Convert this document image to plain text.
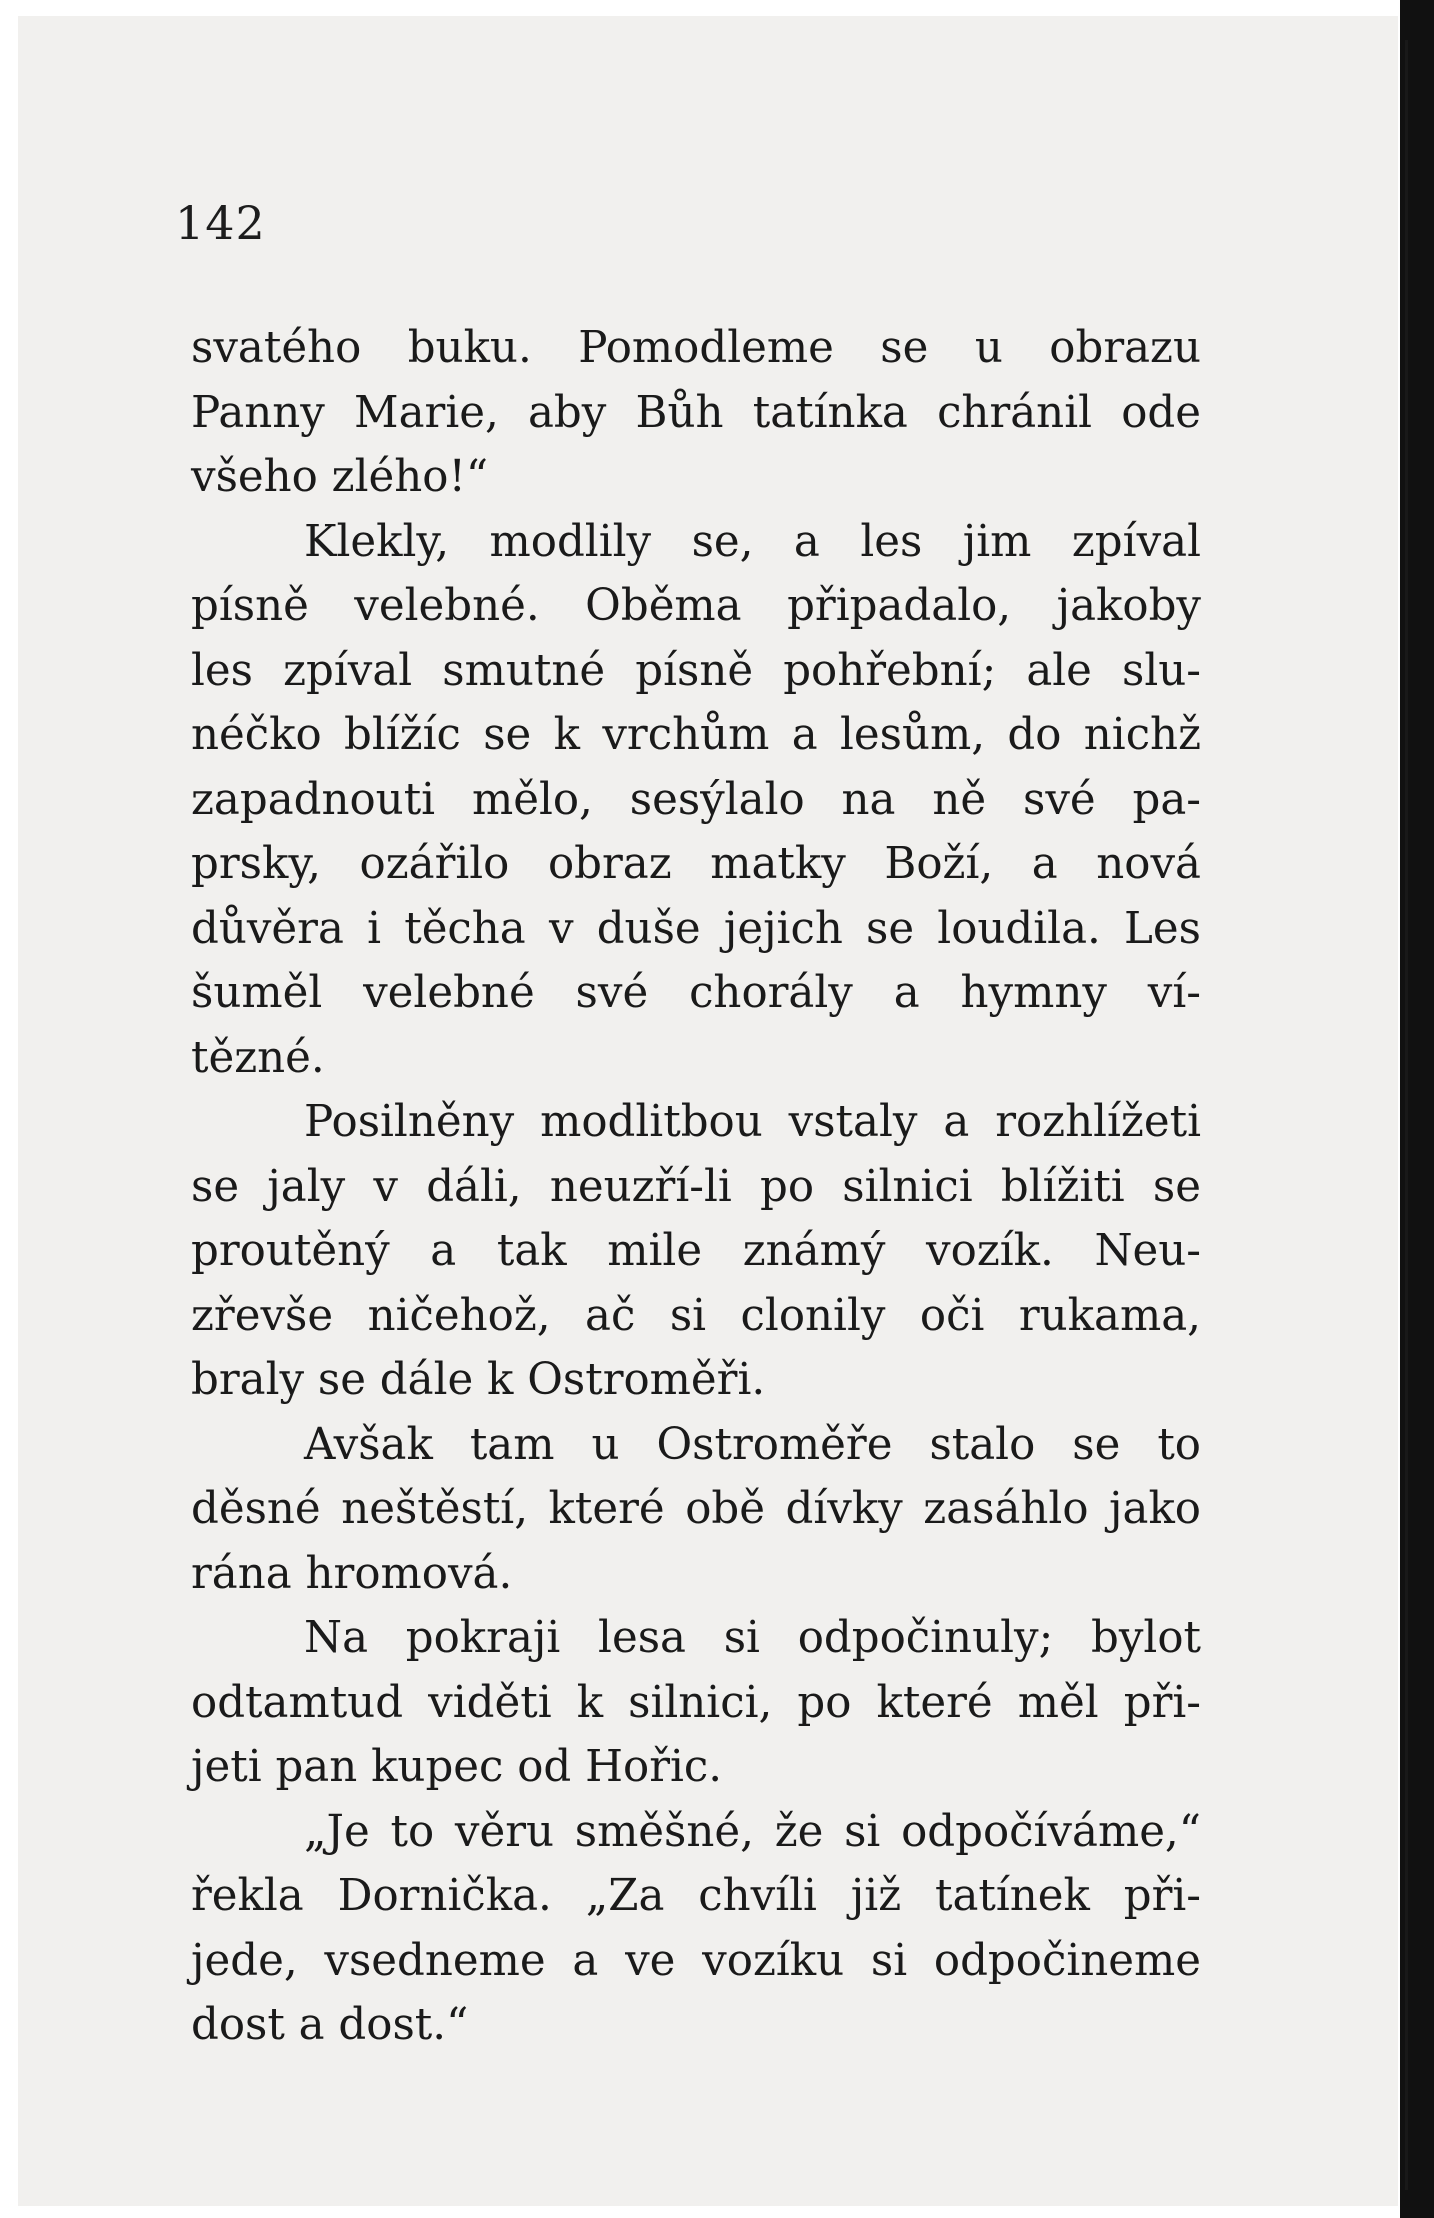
142
svatého buku. Pomodleme se u obrazu
Panny Marie, aby Bůh tatínka chránil ode
všeho zlého!“
Klekly, modlily se, a les jim zpíval
písně velebné. Oběma připadalo, jakoby
les zpíval smutné písně pohřební; ale slu-
néčko blížíc se k vrchům a lesům, do nichž
zapadnouti mělo, sesýlalo na ně své pa-
prsky, ozářilo obraz matky Boží, a nová
důvěra i těcha v duše jejich se loudila. Les
šuměl velebné své chorály a hymny ví-
tězné.
Posilněny modlitbou vstaly a rozhlížeti
se jaly v dáli, neuzří-li po silnici blížiti se
proutěný a tak mile známý vozík. Neu-
zřevše ničehož, ač si clonily oči rukama,
braly se dále k Ostroměři.
Avšak tam u Ostroměře stalo se to
děsné neštěstí, které obě dívky zasáhlo jako
rána hromová.
Na pokraji lesa si odpočinuly; bylot
odtamtud viděti k silnici, po které měl při-
jeti pan kupec od Hořic.
„Je to věru směšné, že si odpočíváme,“
řekla Dornička. „Za chvíli již tatínek při-
jede, vsedneme a ve vozíku si odpočineme
dost a dost.“
